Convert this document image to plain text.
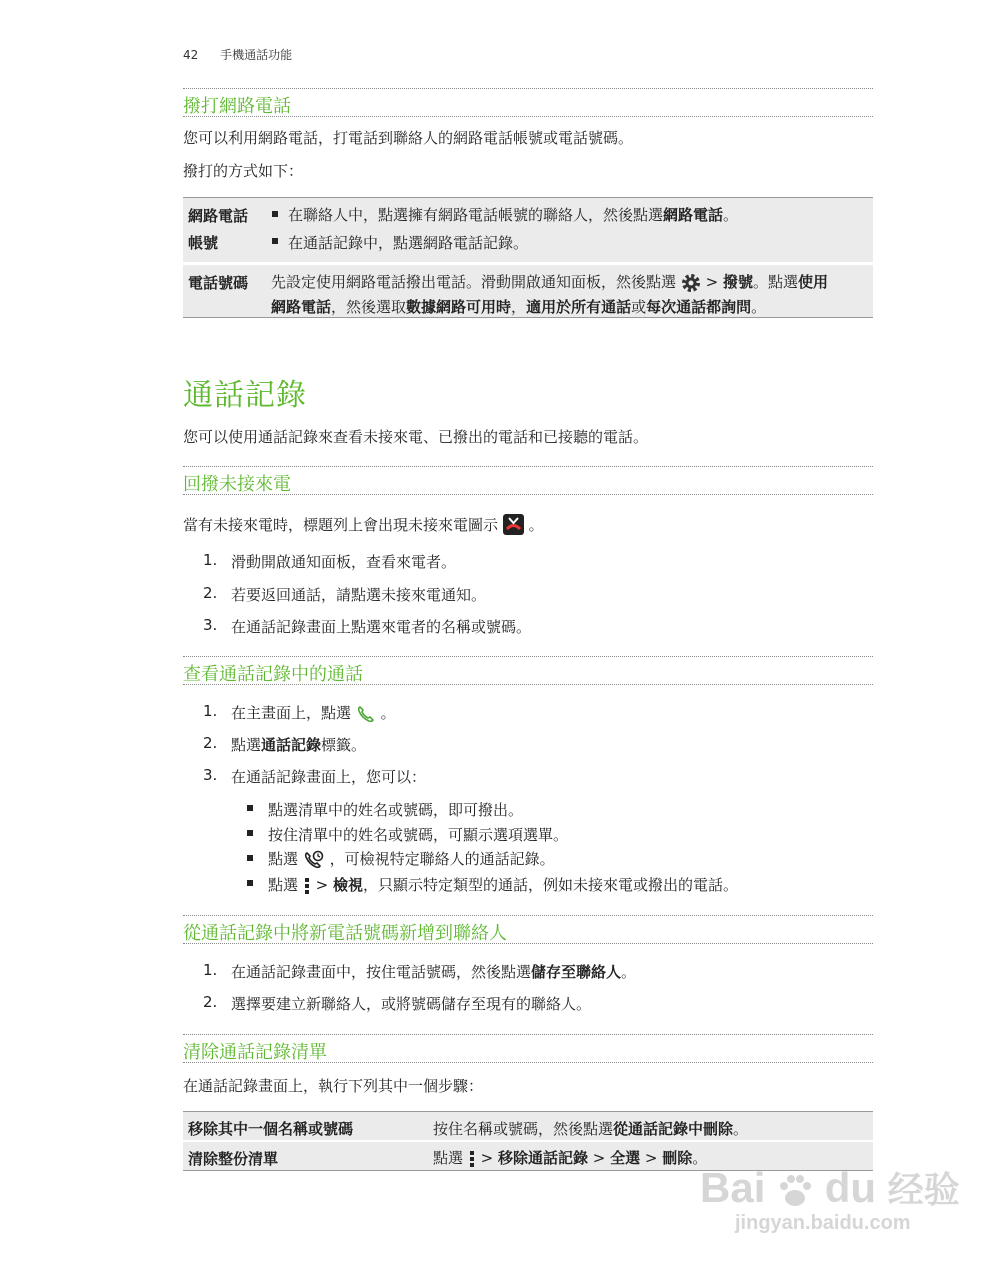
42 手機通話功能
撥打網路電話
您可以利用網路電話，打電話到聯絡人的網路電話帳號或電話號碼。
撥打的方式如下：
網路電話
帳號
在聯絡人中，點選擁有網路電話帳號的聯絡人，然後點選網路電話。
在通話記錄中，點選網路電話記錄。
電話號碼 先設定使用網路電話撥出電話。滑動開啟通知面板，然後點選 > 撥號。點選使用
網路電話，然後選取數據網路可用時，適用於所有通話或每次通話都詢問。
通話記錄
您可以使用通話記錄來查看未接來電、已撥出的電話和已接聽的電話。
回撥未接來電
當有未接來電時，標題列上會出現未接來電圖示 。
1. 滑動開啟通知面板，查看來電者。
2. 若要返回通話，請點選未接來電通知。
3. 在通話記錄畫面上點選來電者的名稱或號碼。
查看通話記錄中的通話
1. 在主畫面上，點選 。
2. 點選通話記錄標籤。
3. 在通話記錄畫面上，您可以：
點選清單中的姓名或號碼，即可撥出。
按住清單中的姓名或號碼，可顯示選項選單。
點選 ，可檢視特定聯絡人的通話記錄。
點選 > 檢視，只顯示特定類型的通話，例如未接來電或撥出的電話。
從通話記錄中將新電話號碼新增到聯絡人
1. 在通話記錄畫面中，按住電話號碼，然後點選儲存至聯絡人。
2. 選擇要建立新聯絡人，或將號碼儲存至現有的聯絡人。
清除通話記錄清單
在通話記錄畫面上，執行下列其中一個步驟：
移除其中一個名稱或號碼	按住名稱或號碼，然後點選從通話記錄中刪除。
清除整份清單	點選 > 移除通話記錄 > 全選 > 刪除。
Bai du 经验
jingyan.baidu.com
